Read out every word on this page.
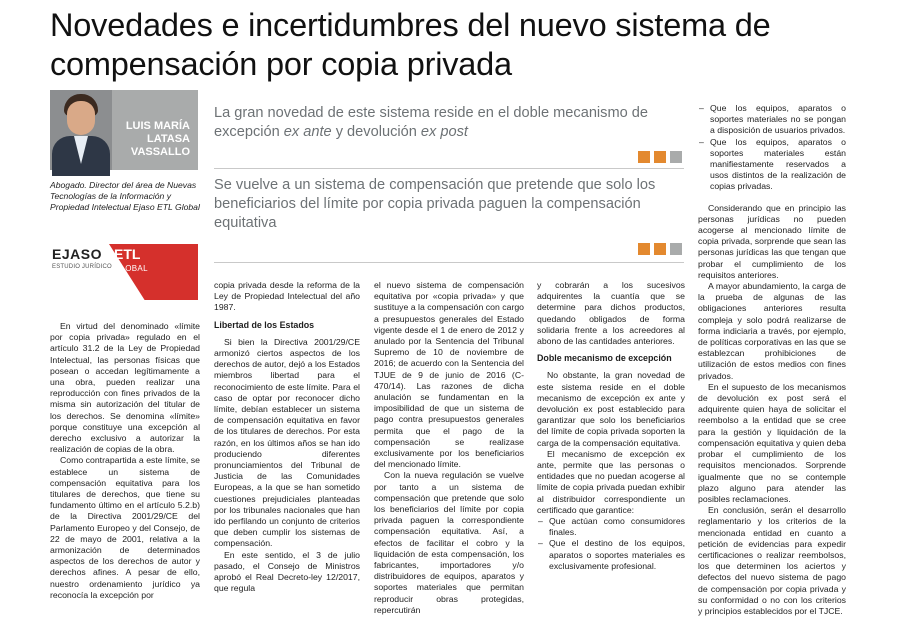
Novedades e incertidumbres del nuevo sistema de compensación por copia privada
LUIS MARÍA
LATASA
VASSALLO
Abogado. Director del área de Nuevas Tecnologías de la Información y Propiedad Intelectual Ejaso ETL Global
EJASO
ESTUDIO JURÍDICO
ETL
GLOBAL
La gran novedad de este sistema reside en el doble mecanismo de excepción ex ante y devolución ex post
Se vuelve a un sistema de compensación que pretende que solo los beneficiarios del límite por copia privada paguen la compensación equitativa

En virtud del denominado «límite por copia privada» regulado en el artículo 31.2 de la Ley de Propiedad Intelectual, las personas físicas que posean o accedan legítimamente a una obra, pueden realizar una reproducción con fines privados de la misma sin autorización del titular de los derechos. Se denomina «límite» porque constituye una excepción al derecho exclusivo a autorizar la realización de copias de la obra.

Como contrapartida a este límite, se establece un sistema de compensación equitativa para los titulares de derechos, que tiene su fundamento último en el artículo 5.2.b) de la Directiva 2001/29/CE del Parlamento Europeo y del Consejo, de 22 de mayo de 2001, relativa a la armonización de determinados aspectos de los derechos de autor y derechos afines. A pesar de ello, nuestro ordenamiento jurídico ya reconocía la excepción por

copia privada desde la reforma de la Ley de Propiedad Intelectual del año 1987.

Libertad de los Estados

Si bien la Directiva 2001/29/CE armonizó ciertos aspectos de los derechos de autor, dejó a los Estados miembros libertad para el reconocimiento de este límite. Para el caso de optar por reconocer dicho límite, debían establecer un sistema de compensación equitativa en favor de los titulares de derechos. Por esta razón, en los últimos años se han ido produciendo diferentes pronunciamientos del Tribunal de Justicia de las Comunidades Europeas, a la que se han sometido cuestiones prejudiciales planteadas por los tribunales nacionales que han ido perfilando un conjunto de criterios que deben cumplir los sistemas de compensación.

En este sentido, el 3 de julio pasado, el Consejo de Ministros aprobó el Real Decreto-ley 12/2017, que regula

el nuevo sistema de compensación equitativa por «copia privada» y que sustituye a la compensación con cargo a presupuestos generales del Estado vigente desde el 1 de enero de 2012 y anulado por la Sentencia del Tribunal Supremo de 10 de noviembre de 2016; de acuerdo con la Sentencia del TJUE de 9 de junio de 2016 (C-470/14). Las razones de dicha anulación se fundamentan en la imposibilidad de que un sistema de pago contra presupuestos generales permita que el pago de la compensación se realizase exclusivamente por los beneficiarios del mencionado límite.

Con la nueva regulación se vuelve por tanto a un sistema de compensación que pretende que solo los beneficiarios del límite por copia privada paguen la correspondiente compensación equitativa. Así, a efectos de facilitar el cobro y la liquidación de esta compensación, los fabricantes, importadores y/o distribuidores de equipos, aparatos y soportes materiales que permitan reproducir obras protegidas, repercutirán

y cobrarán a los sucesivos adquirentes la cuantía que se determine para dichos productos, quedando obligados de forma solidaria frente a los acreedores al abono de las cantidades anteriores.

Doble mecanismo de excepción

No obstante, la gran novedad de este sistema reside en el doble mecanismo de excepción ex ante y devolución ex post establecido para garantizar que solo los beneficiarios del límite de copia privada soporten la carga de la compensación equitativa.

El mecanismo de excepción ex ante, permite que las personas o entidades que no puedan acogerse al límite de copia privada puedan exhibir al distribuidor correspondiente un certificado que garantice:

– Que actúan como consumidores finales.
– Que el destino de los equipos, aparatos o soportes materiales es exclusivamente profesional.
– Que los equipos, aparatos o soportes materiales no se pongan a disposición de usuarios privados.
– Que los equipos, aparatos o soportes materiales están manifiestamente reservados a usos distintos de la realización de copias privadas.

Considerando que en principio las personas jurídicas no pueden acogerse al mencionado límite de copia privada, sorprende que sean las personas jurídicas las que tengan que probar el cumplimiento de los requisitos anteriores.

A mayor abundamiento, la carga de la prueba de algunas de las obligaciones anteriores resulta compleja y solo podrá realizarse de forma indiciaria a través, por ejemplo, de políticas corporativas en las que se establezcan prohibiciones de utilización de estos medios con fines privados.

En el supuesto de los mecanismos de devolución ex post será el adquirente quien haya de solicitar el reembolso a la entidad que se cree para la gestión y liquidación de la compensación equitativa y quien deba probar el cumplimiento de los requisitos mencionados. Sorprende igualmente que no se contemple plazo alguno para atender las posibles reclamaciones.

En conclusión, serán el desarrollo reglamentario y los criterios de la mencionada entidad en cuanto a petición de evidencias para expedir certificaciones o realizar reembolsos, los que determinen los aciertos y defectos del nuevo sistema de pago de compensación por copia privada y su conformidad o no con los criterios y principios establecidos por el TJCE.
